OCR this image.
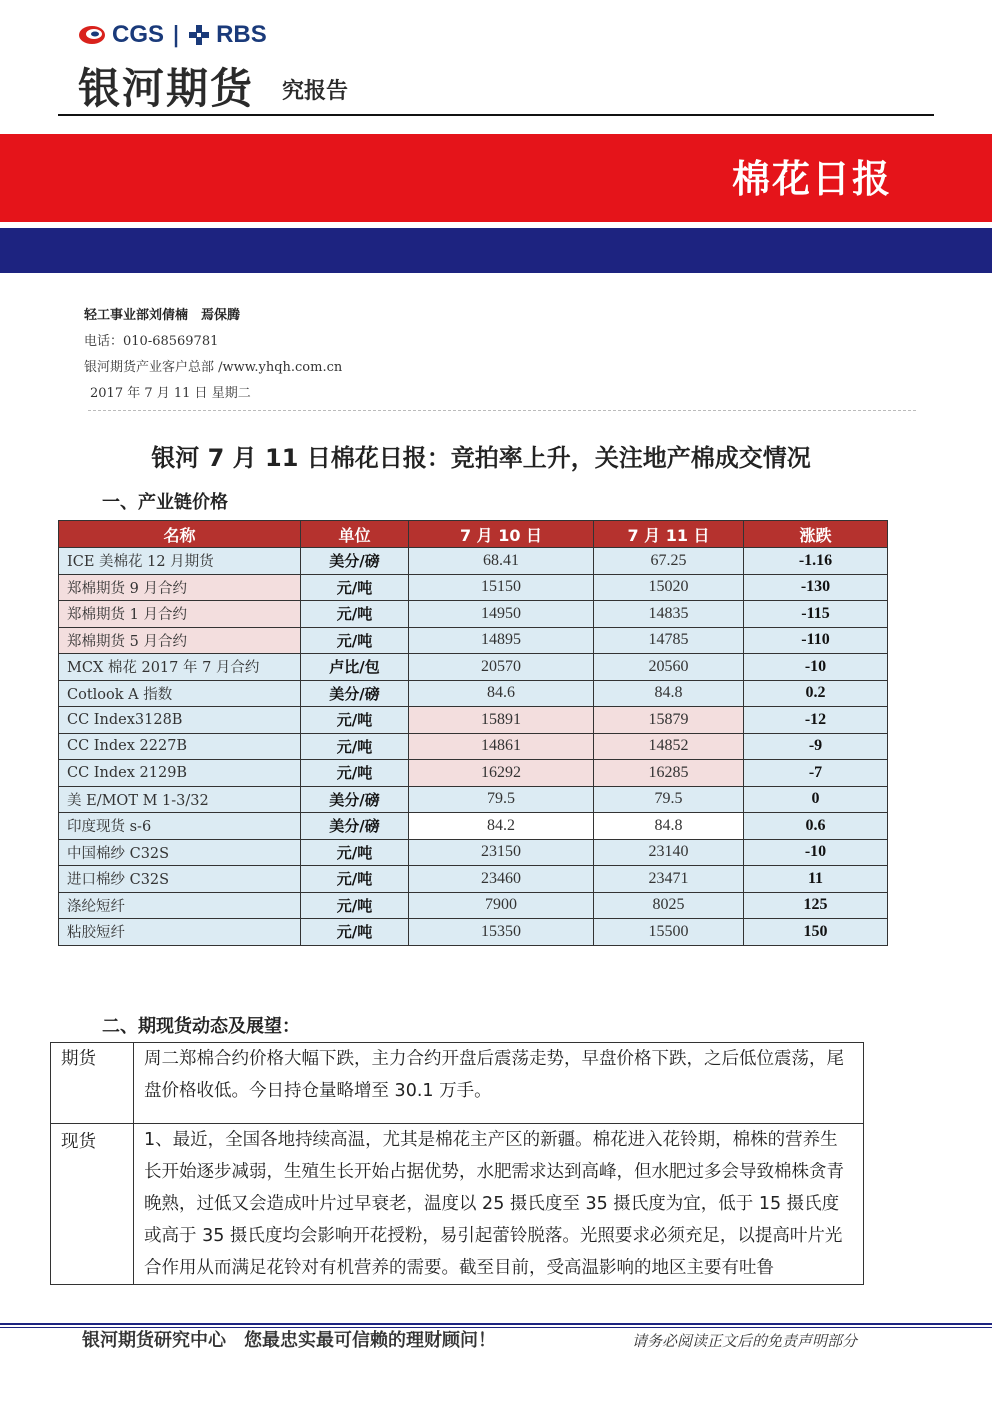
CGS | RBS
银河期货 究报告
棉花日报
轻工事业部刘倩楠　焉保腾
电话：010-68569781
银河期货产业客户总部 /www.yhqh.com.cn
2017 年 7 月 11 日 星期二
银河 7 月 11 日棉花日报：竞拍率上升，关注地产棉成交情况
一、产业链价格
名称	单位	7 月 10 日	7 月 11 日	涨跌
ICE 美棉花 12 月期货	美分/磅	68.41	67.25	-1.16
郑棉期货 9 月合约	元/吨	15150	15020	-130
郑棉期货 1 月合约	元/吨	14950	14835	-115
郑棉期货 5 月合约	元/吨	14895	14785	-110
MCX 棉花 2017 年 7 月合约	卢比/包	20570	20560	-10
Cotlook A 指数	美分/磅	84.6	84.8	0.2
CC Index3128B	元/吨	15891	15879	-12
CC Index 2227B	元/吨	14861	14852	-9
CC Index 2129B	元/吨	16292	16285	-7
美 E/MOT M 1-3/32	美分/磅	79.5	79.5	0
印度现货 s-6	美分/磅	84.2	84.8	0.6
中国棉纱 C32S	元/吨	23150	23140	-10
进口棉纱 C32S	元/吨	23460	23471	11
涤纶短纤	元/吨	7900	8025	125
粘胶短纤	元/吨	15350	15500	150
二、期现货动态及展望：
期货	周二郑棉合约价格大幅下跌，主力合约开盘后震荡走势，早盘价格下跌，之后低位震荡，尾盘价格收低。今日持仓量略增至 30.1 万手。
现货	1、最近，全国各地持续高温，尤其是棉花主产区的新疆。棉花进入花铃期，棉株的营养生长开始逐步减弱，生殖生长开始占据优势，水肥需求达到高峰，但水肥过多会导致棉株贪青晚熟，过低又会造成叶片过早衰老，温度以 25 摄氏度至 35 摄氏度为宜，低于 15 摄氏度或高于 35 摄氏度均会影响开花授粉，易引起蕾铃脱落。光照要求必须充足，以提高叶片光合作用从而满足花铃对有机营养的需要。截至目前，受高温影响的地区主要有吐鲁
银河期货研究中心　您最忠实最可信赖的理财顾问！	请务必阅读正文后的免责声明部分
